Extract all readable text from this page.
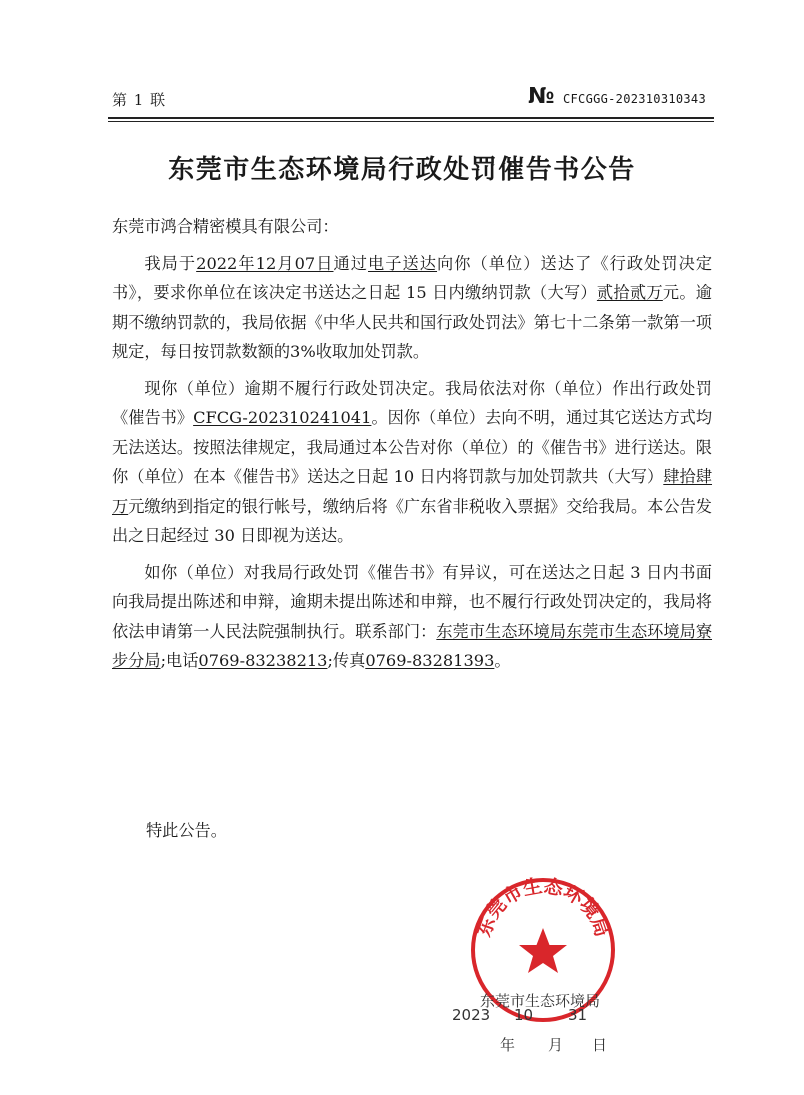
第 1 联	№ CFCGGG-202310310343
东莞市生态环境局行政处罚催告书公告

东莞市鸿合精密模具有限公司：

我局于2022年12月07日通过电子送达向你（单位）送达了《行政处罚决定书》，要求你单位在该决定书送达之日起 15 日内缴纳罚款（大写）贰拾贰万元。逾期不缴纳罚款的，我局依据《中华人民共和国行政处罚法》第七十二条第一款第一项规定，每日按罚款数额的3%收取加处罚款。

现你（单位）逾期不履行行政处罚决定。我局依法对你（单位）作出行政处罚《催告书》CFCG-202310241041。因你（单位）去向不明，通过其它送达方式均无法送达。按照法律规定，我局通过本公告对你（单位）的《催告书》进行送达。限你（单位）在本《催告书》送达之日起 10 日内将罚款与加处罚款共（大写）肆拾肆万元缴纳到指定的银行帐号，缴纳后将《广东省非税收入票据》交给我局。本公告发出之日起经过 30 日即视为送达。

如你（单位）对我局行政处罚《催告书》有异议，可在送达之日起 3 日内书面向我局提出陈述和申辩，逾期未提出陈述和申辩，也不履行行政处罚决定的，我局将依法申请第一人民法院强制执行。联系部门：东莞市生态环境局东莞市生态环境局寮步分局;电话0769-83238213;传真0769-83281393。

特此公告。
东莞市生态环境局
东莞市生态环境局
2023 10 31
年 月 日
